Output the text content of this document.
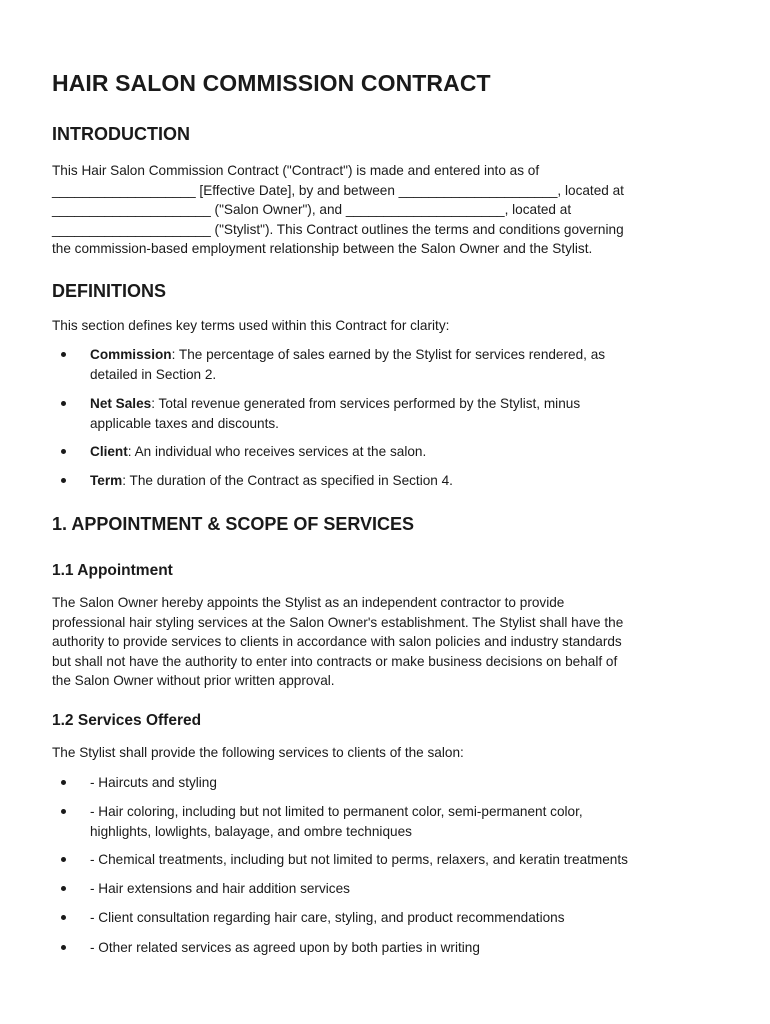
HAIR SALON COMMISSION CONTRACT
INTRODUCTION
This Hair Salon Commission Contract ("Contract") is made and entered into as of
___________________ [Effective Date], by and between _____________________, located at
_____________________ ("Salon Owner"), and _____________________, located at
_____________________ ("Stylist"). This Contract outlines the terms and conditions governing
the commission-based employment relationship between the Salon Owner and the Stylist.
DEFINITIONS
This section defines key terms used within this Contract for clarity:
Commission: The percentage of sales earned by the Stylist for services rendered, as
detailed in Section 2.
Net Sales: Total revenue generated from services performed by the Stylist, minus
applicable taxes and discounts.
Client: An individual who receives services at the salon.
Term: The duration of the Contract as specified in Section 4.
1. APPOINTMENT & SCOPE OF SERVICES
1.1 Appointment
The Salon Owner hereby appoints the Stylist as an independent contractor to provide
professional hair styling services at the Salon Owner's establishment. The Stylist shall have the
authority to provide services to clients in accordance with salon policies and industry standards
but shall not have the authority to enter into contracts or make business decisions on behalf of
the Salon Owner without prior written approval.
1.2 Services Offered
The Stylist shall provide the following services to clients of the salon:
- Haircuts and styling
- Hair coloring, including but not limited to permanent color, semi-permanent color,
highlights, lowlights, balayage, and ombre techniques
- Chemical treatments, including but not limited to perms, relaxers, and keratin treatments
- Hair extensions and hair addition services
- Client consultation regarding hair care, styling, and product recommendations
- Other related services as agreed upon by both parties in writing
